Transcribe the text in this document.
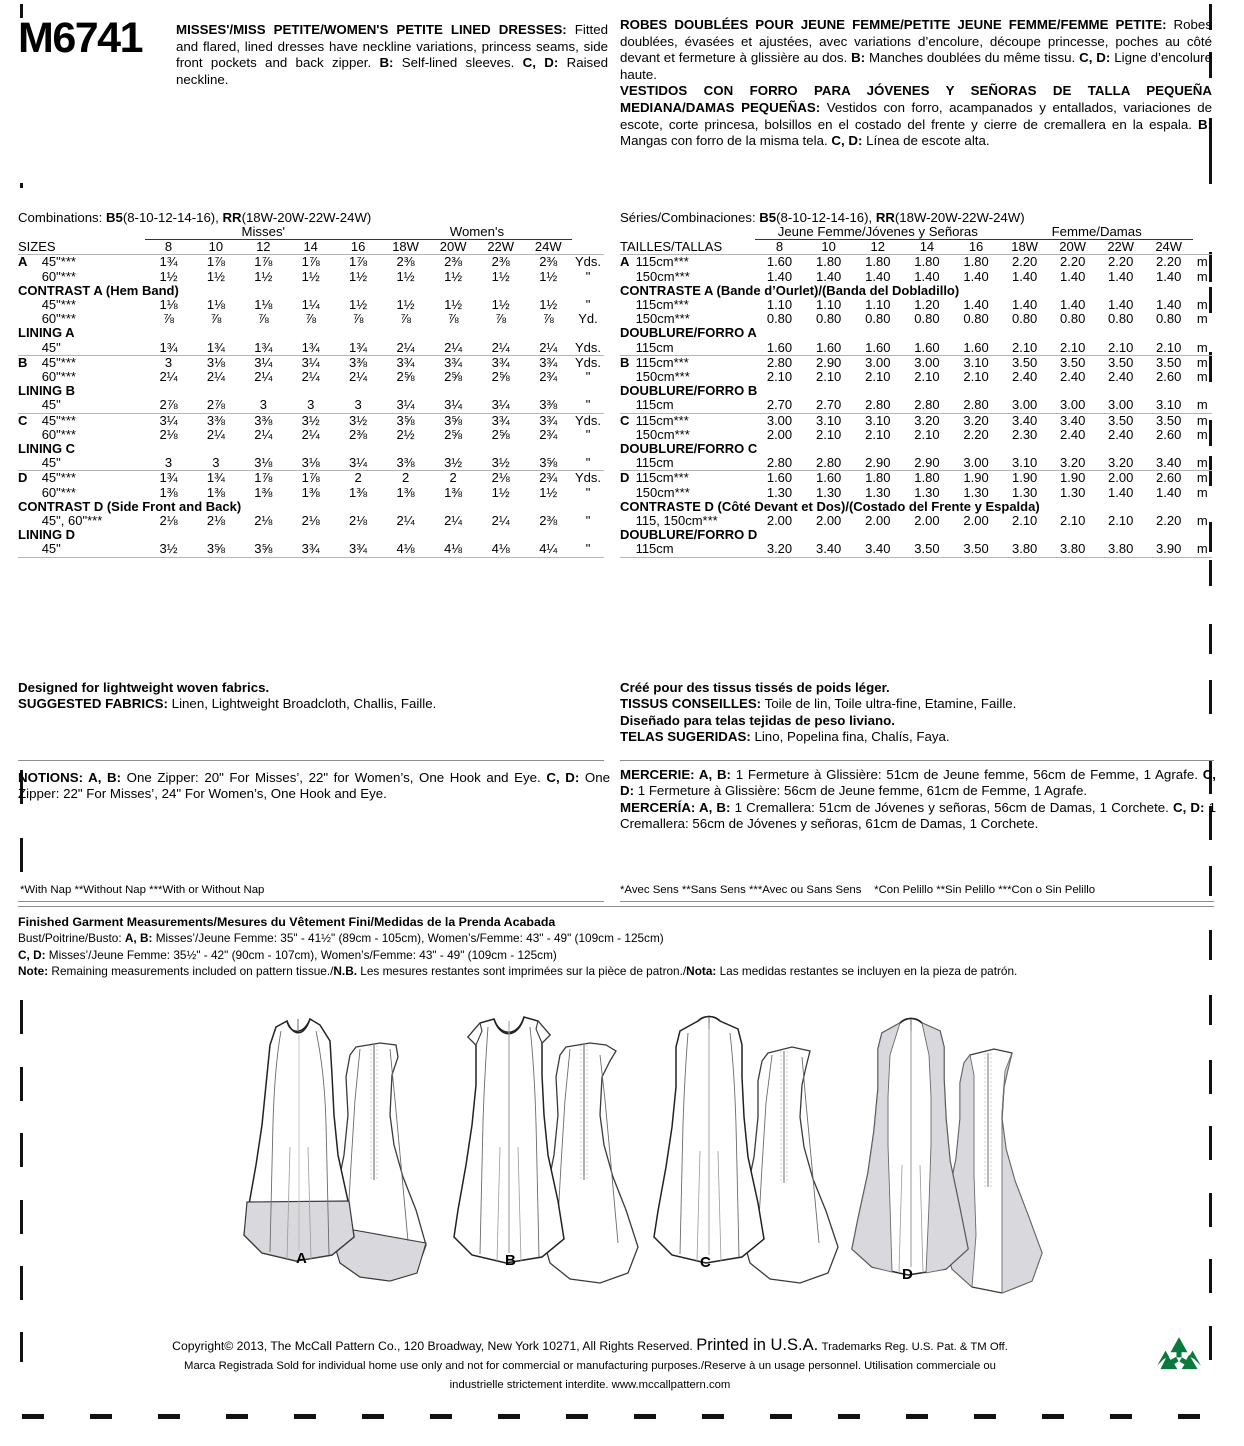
M6741	MISSES'/MISS PETITE/WOMEN'S PETITE LINED DRESSES: Fitted and flared, lined dresses have neckline variations, princess seams, side front pockets and back zipper. B: Self-lined sleeves. C, D: Raised neckline.
ROBES DOUBLÉES POUR JEUNE FEMME/PETITE JEUNE FEMME/FEMME PETITE: Robes doublées, évasées et ajustées, avec variations d’encolure, découpe princesse, poches au côté devant et fermeture à glissière au dos. B: Manches doublées du même tissu. C, D: Ligne d’encolure haute.
VESTIDOS CON FORRO PARA JÓVENES Y SEÑORAS DE TALLA PEQUEÑA MEDIANA/DAMAS PEQUEÑAS: Vestidos con forro, acampanados y entallados, variaciones de escote, corte princesa, bolsillos en el costado del frente y cierre de cremallera en la espala. B: Mangas con forro de la misma tela. C, D: Línea de escote alta.
Combinations: B5(8-10-12-14-16), RR(18W-20W-22W-24W)
		Misses'					Women's				
SIZES		8	10	12	14	16	18W	20W	22W	24W	
A	45"***	1¾	1⅞	1⅞	1⅞	1⅞	2⅜	2⅜	2⅜	2⅜	Yds.
	60"***	1½	1½	1½	1½	1½	1½	1½	1½	1½	"
CONTRAST A (Hem Band)											
	45"***	1⅛	1⅛	1⅛	1¼	1½	1½	1½	1½	1½	"
	60"***	⅞	⅞	⅞	⅞	⅞	⅞	⅞	⅞	⅞	Yd.
LINING A											
	45"	1¾	1¾	1¾	1¾	1¾	2¼	2¼	2¼	2¼	Yds.
B	45"***	3	3⅛	3¼	3¼	3⅜	3¾	3¾	3¾	3¾	Yds.
	60"***	2¼	2¼	2¼	2¼	2¼	2⅝	2⅝	2⅝	2¾	"
LINING B											
	45"	2⅞	2⅞	3	3	3	3¼	3¼	3¼	3⅜	"
C	45"***	3¼	3⅜	3⅜	3½	3½	3⅝	3⅝	3¾	3¾	Yds.
	60"***	2⅛	2¼	2¼	2¼	2⅜	2½	2⅝	2⅝	2¾	"
LINING C											
	45"	3	3	3⅛	3⅛	3¼	3⅜	3½	3½	3⅝	"
D	45"***	1¾	1¾	1⅞	1⅞	2	2	2	2⅛	2¾	Yds.
	60"***	1⅜	1⅜	1⅜	1⅜	1⅜	1⅜	1⅜	1½	1½	"
CONTRAST D (Side Front and Back)											
	45", 60"***	2⅛	2⅛	2⅛	2⅛	2⅛	2¼	2¼	2¼	2⅜	"
LINING D											
	45"	3½	3⅝	3⅝	3¾	3¾	4⅛	4⅛	4⅛	4¼	"
Séries/Combinaciones: B5(8-10-12-14-16), RR(18W-20W-22W-24W)
		Jeune Femme/Jóvenes y Señoras					Femme/Damas				
TAILLES/TALLAS		8	10	12	14	16	18W	20W	22W	24W	
A	115cm***	1.60	1.80	1.80	1.80	1.80	2.20	2.20	2.20	2.20	m
	150cm***	1.40	1.40	1.40	1.40	1.40	1.40	1.40	1.40	1.40	m
CONTRASTE A (Bande d’Ourlet)/(Banda del Dobladillo)											
	115cm***	1.10	1.10	1.10	1.20	1.40	1.40	1.40	1.40	1.40	m
	150cm***	0.80	0.80	0.80	0.80	0.80	0.80	0.80	0.80	0.80	m
DOUBLURE/FORRO A											
	115cm	1.60	1.60	1.60	1.60	1.60	2.10	2.10	2.10	2.10	m
B	115cm***	2.80	2.90	3.00	3.00	3.10	3.50	3.50	3.50	3.50	m
	150cm***	2.10	2.10	2.10	2.10	2.10	2.40	2.40	2.40	2.60	m
DOUBLURE/FORRO B											
	115cm	2.70	2.70	2.80	2.80	2.80	3.00	3.00	3.00	3.10	m
C	115cm***	3.00	3.10	3.10	3.20	3.20	3.40	3.40	3.50	3.50	m
	150cm***	2.00	2.10	2.10	2.10	2.20	2.30	2.40	2.40	2.60	m
DOUBLURE/FORRO C											
	115cm	2.80	2.80	2.90	2.90	3.00	3.10	3.20	3.20	3.40	m
D	115cm***	1.60	1.60	1.80	1.80	1.90	1.90	1.90	2.00	2.60	m
	150cm***	1.30	1.30	1.30	1.30	1.30	1.30	1.30	1.40	1.40	m
CONTRASTE D (Côté Devant et Dos)/(Costado del Frente y Espalda)											
	115, 150cm***	2.00	2.00	2.00	2.00	2.00	2.10	2.10	2.10	2.20	m
DOUBLURE/FORRO D											
	115cm	3.20	3.40	3.40	3.50	3.50	3.80	3.80	3.80	3.90	m
Designed for lightweight woven fabrics.
SUGGESTED FABRICS: Linen, Lightweight Broadcloth, Challis, Faille.
Créé pour des tissus tissés de poids léger.
TISSUS CONSEILLES: Toile de lin, Toile ultra-fine, Etamine, Faille.
Diseñado para telas tejidas de peso liviano.
TELAS SUGERIDAS: Lino, Popelina fina, Chalís, Faya.
NOTIONS: A, B: One Zipper: 20" For Misses’, 22" for Women’s, One Hook and Eye. C, D: One Zipper: 22" For Misses’, 24" For Women’s, One Hook and Eye.
MERCERIE: A, B: 1 Fermeture à Glissière: 51cm de Jeune femme, 56cm de Femme, 1 Agrafe. C, D: 1 Fermeture à Glissière: 56cm de Jeune femme, 61cm de Femme, 1 Agrafe.
MERCERÍA: A, B: 1 Cremallera: 51cm de Jóvenes y señoras, 56cm de Damas, 1 Corchete. C, D: 1 Cremallera: 56cm de Jóvenes y señoras, 61cm de Damas, 1 Corchete.
*With Nap **Without Nap ***With or Without Nap	*Avec Sens **Sans Sens ***Avec ou Sans Sens *Con Pelillo **Sin Pelillo ***Con o Sin Pelillo
Finished Garment Measurements/Mesures du Vêtement Fini/Medidas de la Prenda Acabada
Bust/Poitrine/Busto: A, B: Misses’/Jeune Femme: 35" - 41½" (89cm - 105cm), Women’s/Femme: 43" - 49" (109cm - 125cm)
C, D: Misses’/Jeune Femme: 35½" - 42" (90cm - 107cm), Women’s/Femme: 43" - 49" (109cm - 125cm)
Note: Remaining measurements included on pattern tissue./N.B. Les mesures restantes sont imprimées sur la pièce de patron./Nota: Las medidas restantes se incluyen en la pieza de patrón.
A	B	C
D
Copyright© 2013, The McCall Pattern Co., 120 Broadway, New York 10271, All Rights Reserved. Printed in U.S.A. Trademarks Reg. U.S. Pat. & TM Off.
Marca Registrada Sold for individual home use only and not for commercial or manufacturing purposes./Reserve à un usage personnel. Utilisation commerciale ou
industrielle strictement interdite. www.mccallpattern.com
